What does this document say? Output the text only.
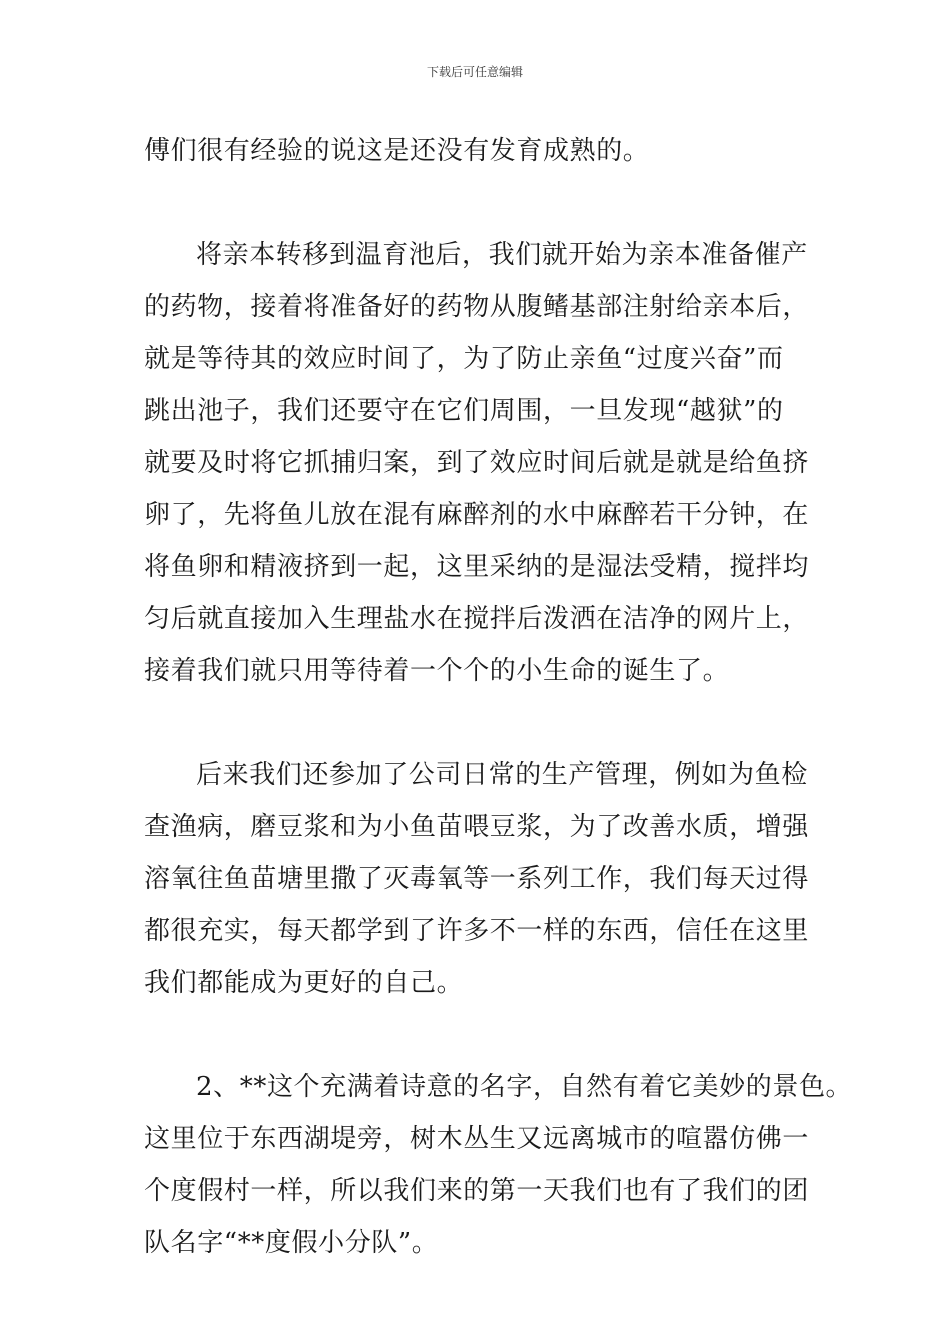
下载后可任意编辑
傅们很有经验的说这是还没有发育成熟的。
将亲本转移到温育池后，我们就开始为亲本准备催产
的药物，接着将准备好的药物从腹鳍基部注射给亲本后，
就是等待其的效应时间了，为了防止亲鱼“过度兴奋”而
跳出池子，我们还要守在它们周围，一旦发现“越狱”的
就要及时将它抓捕归案，到了效应时间后就是就是给鱼挤
卵了，先将鱼儿放在混有麻醉剂的水中麻醉若干分钟，在
将鱼卵和精液挤到一起，这里采纳的是湿法受精，搅拌均
匀后就直接加入生理盐水在搅拌后泼洒在洁净的网片上，
接着我们就只用等待着一个个的小生命的诞生了。
后来我们还参加了公司日常的生产管理，例如为鱼检
查渔病，磨豆浆和为小鱼苗喂豆浆，为了改善水质，增强
溶氧往鱼苗塘里撒了灭毒氧等一系列工作，我们每天过得
都很充实，每天都学到了许多不一样的东西，信任在这里
我们都能成为更好的自己。
2、**这个充满着诗意的名字，自然有着它美妙的景色。
这里位于东西湖堤旁，树木丛生又远离城市的喧嚣仿佛一
个度假村一样，所以我们来的第一天我们也有了我们的团
队名字“**度假小分队”。
